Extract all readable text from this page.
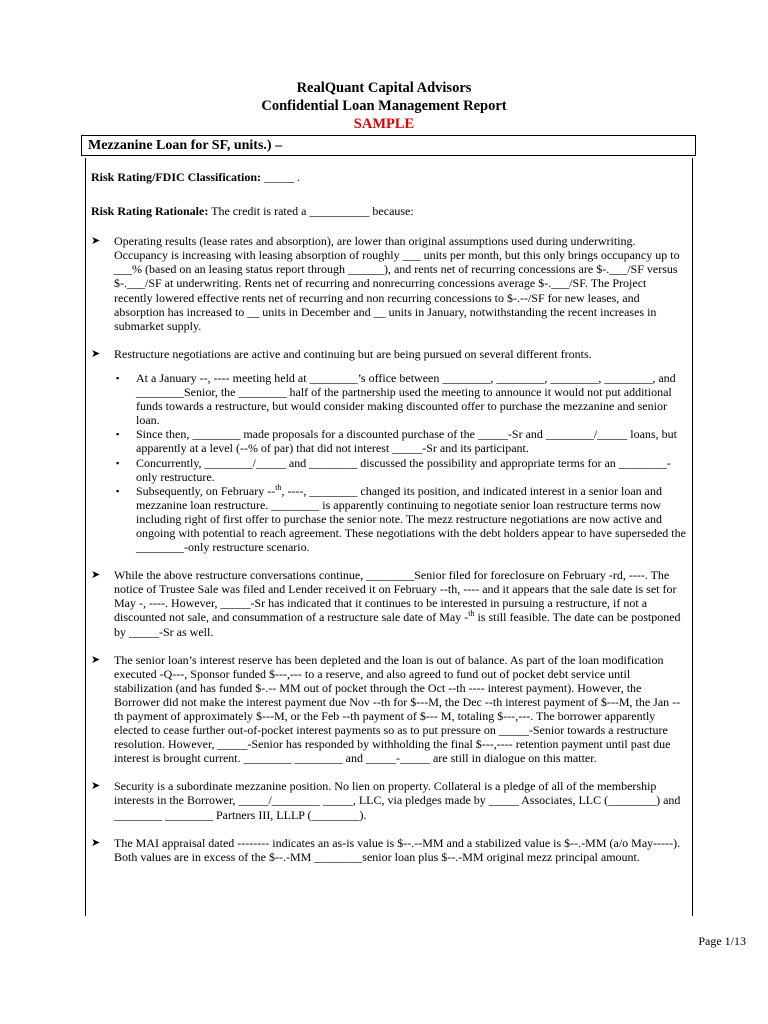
RealQuant Capital Advisors
Confidential Loan Management Report
SAMPLE
Mezzanine Loan for SF, units.) –

Risk Rating/FDIC Classification: _____ .

Risk Rating Rationale: The credit is rated a __________ because:

➤ Operating results (lease rates and absorption), are lower than original assumptions used during underwriting. Occupancy is increasing with leasing absorption of roughly ___ units per month, but this only brings occupancy up to ___% (based on an leasing status report through ______), and rents net of recurring concessions are $-.___/SF versus $-.___/SF at underwriting. Rents net of recurring and nonrecurring concessions average $-.___/SF. The Project recently lowered effective rents net of recurring and non recurring concessions to $-.--/SF for new leases, and absorption has increased to __ units in December and __ units in January, notwithstanding the recent increases in submarket supply.

➤ Restructure negotiations are active and continuing but are being pursued on several different fronts.

▪ At a January --, ---- meeting held at ________’s office between ________, ________, ________, ________, and ________Senior, the ________ half of the partnership used the meeting to announce it would not put additional funds towards a restructure, but would consider making discounted offer to purchase the mezzanine and senior loan.
▪ Since then, ________ made proposals for a discounted purchase of the _____-Sr and ________/_____ loans, but apparently at a level (--% of par) that did not interest _____-Sr and its participant.
▪ Concurrently, ________/_____ and ________ discussed the possibility and appropriate terms for an ________-only restructure.
▪ Subsequently, on February --$^{th}$, ----, ________ changed its position, and indicated interest in a senior loan and mezzanine loan restructure. ________ is apparently continuing to negotiate senior loan restructure terms now including right of first offer to purchase the senior note. The mezz restructure negotiations are now active and ongoing with potential to reach agreement. These negotiations with the debt holders appear to have superseded the ________-only restructure scenario.
➤ While the above restructure conversations continue, ________Senior filed for foreclosure on February -rd, ----. The notice of Trustee Sale was filed and Lender received it on February --th, ---- and it appears that the sale date is set for May -, ----. However, _____-Sr has indicated that it continues to be interested in pursuing a restructure, if not a discounted not sale, and consummation of a restructure sale date of May -$^{th}$ is still feasible. The date can be postponed by _____-Sr as well.

➤ The senior loan’s interest reserve has been depleted and the loan is out of balance. As part of the loan modification executed -Q---, Sponsor funded $---,--- to a reserve, and also agreed to fund out of pocket debt service until stabilization (and has funded $-.-- MM out of pocket through the Oct --th ---- interest payment). However, the Borrower did not make the interest payment due Nov --th for $---M, the Dec --th interest payment of $---M, the Jan --th payment of approximately $---M, or the Feb --th payment of $--- M, totaling $---,---. The borrower apparently elected to cease further out-of-pocket interest payments so as to put pressure on _____-Senior towards a restructure resolution. However, _____-Senior has responded by withholding the final $---,---- retention payment until past due interest is brought current. ________ ________ and _____-_____ are still in dialogue on this matter.

➤ Security is a subordinate mezzanine position. No lien on property. Collateral is a pledge of all of the membership interests in the Borrower, _____/________ _____, LLC, via pledges made by _____ Associates, LLC (________) and ________ ________ Partners III, LLLP (________).

➤ The MAI appraisal dated -------- indicates an as-is value is $--.--MM and a stabilized value is $--.-MM (a/o May-----). Both values are in excess of the $--.-MM ________senior loan plus $--.-MM original mezz principal amount.

Page 1/13
